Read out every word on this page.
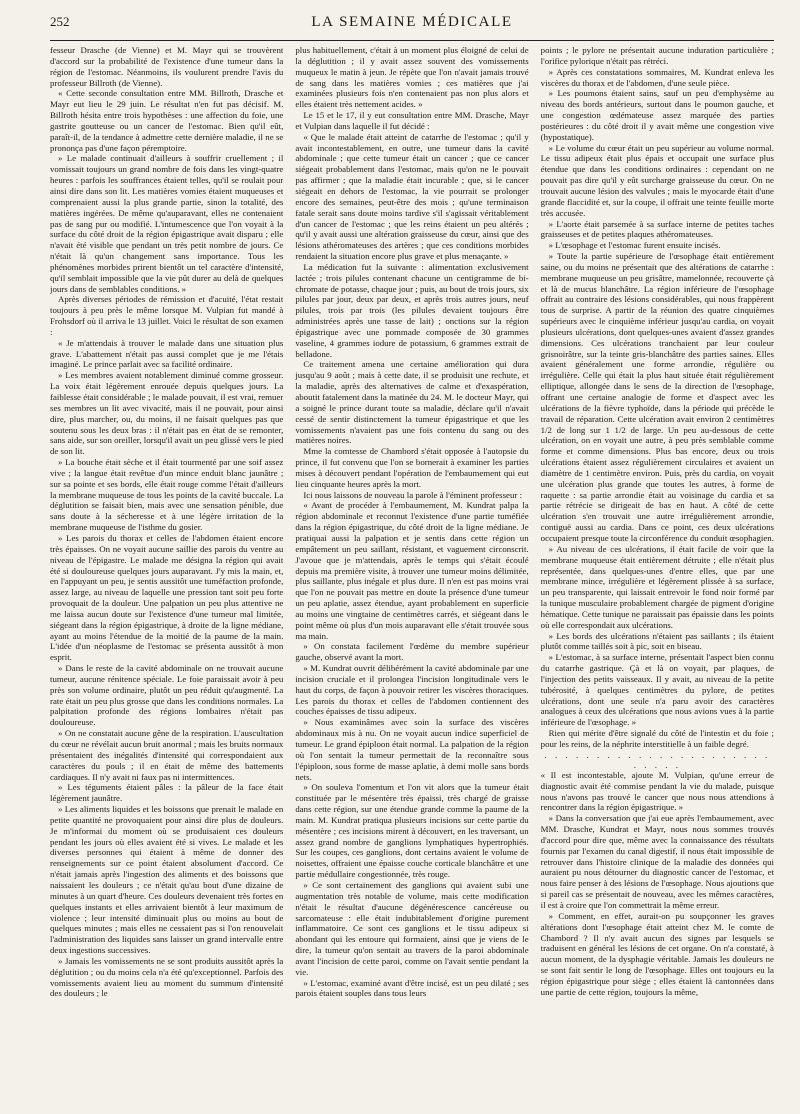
252	LA SEMAINE MÉDICALE

fesseur Drasche (de Vienne) et M. Mayr qui se trouvèrent d'accord sur la probabilité de l'existence d'une tumeur dans la région de l'estomac. Néanmoins, ils voulurent prendre l'avis du professeur Billroth (de Vienne).

« Cette seconde consultation entre MM. Billroth, Drasche et Mayr eut lieu le 29 juin. Le résultat n'en fut pas décisif. M. Billroth hésita entre trois hypothèses : une affection du foie, une gastrite goutteuse ou un cancer de l'estomac. Bien qu'il eût, paraît-il, de la tendance à admettre cette dernière maladie, il ne se prononça pas d'une façon péremptoire.

» Le malade continuait d'ailleurs à souffrir cruellement ; il vomissait toujours un grand nombre de fois dans les vingt-quatre heures : parfois les souffrances étaient telles, qu'il se roulait pour ainsi dire dans son lit. Les matières vomies étaient muqueuses et comprenaient aussi la plus grande partie, sinon la totalité, des matières ingérées. De même qu'auparavant, elles ne contenaient pas de sang pur ou modifié. L'intumescence que l'on voyait à la surface du côté droit de la région épigastrique avait disparu ; elle n'avait été visible que pendant un très petit nombre de jours. Ce n'était là qu'un changement sans importance. Tous les phénomènes morbides prirent bientôt un tel caractère d'intensité, qu'il semblait impossible que la vie pût durer au delà de quelques jours dans de semblables conditions. »

Après diverses périodes de rémission et d'acuité, l'état restait toujours à peu près le même lorsque M. Vulpian fut mandé à Frohsdorf où il arriva le 13 juillet. Voici le résultat de son examen :

« Je m'attendais à trouver le malade dans une situation plus grave. L'abattement n'était pas aussi complet que je me l'étais imaginé. Le prince parlait avec sa facilité ordinaire.

» Les membres avaient notablement diminué comme grosseur. La voix était légèrement enrouée depuis quelques jours. La faiblesse était considérable ; le malade pouvait, il est vrai, remuer ses membres un lit avec vivacité, mais il ne pouvait, pour ainsi dire, plus marcher, ou, du moins, il ne faisait quelques pas que soutenu sous les deux bras : il n'était pas en état de se remonter, sans aide, sur son oreiller, lorsqu'il avait un peu glissé vers le pied de son lit.

» La bouche était sèche et il était tourmenté par une soif assez vive ; la langue était revêtue d'un mince enduit blanc jaunâtre ; sur sa pointe et ses bords, elle était rouge comme l'était d'ailleurs la membrane muqueuse de tous les points de la cavité buccale. La déglutition se faisait bien, mais avec une sensation pénible, due sans doute à la sécheresse et à une légère irritation de la membrane muqueuse de l'isthme du gosier.

» Les parois du thorax et celles de l'abdomen étaient encore très épaisses. On ne voyait aucune saillie des parois du ventre au niveau de l'épigastre. Le malade me désigna la région qui avait été si douloureuse quelques jours auparavant. J'y mis la main, et, en l'appuyant un peu, je sentis aussitôt une tuméfaction profonde, assez large, au niveau de laquelle une pression tant soit peu forte provoquait de la douleur. Une palpation un peu plus attentive ne me laissa aucun doute sur l'existence d'une tumeur mal limitée, siégeant dans la région épigastrique, à droite de la ligne médiane, ayant au moins l'étendue de la moitié de la paume de la main. L'idée d'un néoplasme de l'estomac se présenta aussitôt à mon esprit.

» Dans le reste de la cavité abdominale on ne trouvait aucune tumeur, aucune rénitence spéciale. Le foie paraissait avoir à peu près son volume ordinaire, plutôt un peu réduit qu'augmenté. La rate était un peu plus grosse que dans les conditions normales. La palpitation profonde des régions lombaires n'était pas douloureuse.

» On ne constatait aucune gêne de la respiration. L'auscultation du cœur ne révélait aucun bruit anormal ; mais les bruits normaux présentaient des inégalités d'intensité qui correspondaient aux caractères du pouls ; il en était de même des battements cardiaques. Il n'y avait ni faux pas ni intermittences.

» Les téguments étaient pâles : la pâleur de la face était légèrement jaunâtre.

» Les aliments liquides et les boissons que prenait le malade en petite quantité ne provoquaient pour ainsi dire plus de douleurs. Je m'informai du moment où se produisaient ces douleurs pendant les jours où elles avaient été si vives. Le malade et les diverses personnes qui étaient à même de donner des renseignements sur ce point étaient absolument d'accord. Ce n'était jamais après l'ingestion des aliments et des boissons que naissaient les douleurs ; ce n'était qu'au bout d'une dizaine de minutes à un quart d'heure. Ces douleurs devenaient très fortes en quelques instants et elles arrivaient bientôt à leur maximum de violence ; leur intensité diminuait plus ou moins au bout de quelques minutes ; mais elles ne cessaient pas si l'on renouvelait l'administration des liquides sans laisser un grand intervalle entre deux ingestions successives.

» Jamais les vomissements ne se sont produits aussitôt après la déglutition ; ou du moins cela n'a été qu'exceptionnel. Parfois des vomissements avaient lieu au moment du summum d'intensité des douleurs ; le

plus habituellement, c'était à un moment plus éloigné de celui de la déglutition ; il y avait assez souvent des vomissements muqueux le matin à jeun. Je répète que l'on n'avait jamais trouvé de sang dans les matières vomies ; ces matières que j'ai examinées plusieurs fois n'en contenaient pas non plus alors et elles étaient très nettement acides. »

Le 15 et le 17, il y eut consultation entre MM. Drasche, Mayr et Vulpian dans laquelle il fut décidé :

« Que le malade était atteint de catarrhe de l'estomac ; qu'il y avait incontestablement, en outre, une tumeur dans la cavité abdominale ; que cette tumeur était un cancer ; que ce cancer siégeait probablement dans l'estomac, mais qu'on ne le pouvait pas affirmer ; que la maladie était incurable ; que, si le cancer siégeait en dehors de l'estomac, la vie pourrait se prolonger encore des semaines, peut-être des mois ; qu'une terminaison fatale serait sans doute moins tardive s'il s'agissait véritablement d'un cancer de l'estomac ; que les reins étaient un peu altérés ; qu'il y avait aussi une altération graisseuse du cœur, ainsi que des lésions athéromateuses des artères ; que ces conditions morbides rendaient la situation encore plus grave et plus menaçante. »

La médication fut la suivante : alimentation exclusivement lactée ; trois pilules contenant chacune un centigramme de bi-chromate de potasse, chaque jour ; puis, au bout de trois jours, six pilules par jour, deux par deux, et après trois autres jours, neuf pilules, trois par trois (les pilules devaient toujours être administrées après une tasse de lait) ; onctions sur la région épigastrique avec une pommade composée de 30 grammes vaseline, 4 grammes iodure de potassium, 6 grammes extrait de belladone.

Ce traitement amena une certaine amélioration qui dura jusqu'au 9 août ; mais à cette date, il se produisit une rechute, et la maladie, après des alternatives de calme et d'exaspération, aboutit fatalement dans la matinée du 24. M. le docteur Mayr, qui a soigné le prince durant toute sa maladie, déclare qu'il n'avait cessé de sentir distinctement la tumeur épigastrique et que les vomissements n'avaient pas une fois contenu du sang ou des matières noires.

Mme la comtesse de Chambord s'était opposée à l'autopsie du prince, il fut convenu que l'on se bornerait à examiner les parties mises à découvert pendant l'opération de l'embaumement qui eut lieu cinquante heures après la mort.

Ici nous laissons de nouveau la parole à l'éminent professeur :

« Avant de procéder à l'embaumement, M. Kundrat palpa la région abdominale et reconnut l'existence d'une partie tuméfiée dans la région épigastrique, du côté droit de la ligne médiane. Je pratiquai aussi la palpation et je sentis dans cette région un empâtement un peu saillant, résistant, et vaguement circonscrit. J'avoue que je m'attendais, après le temps qui s'était écoulé depuis ma première visite, à trouver une tumeur moins délimitée, plus saillante, plus inégale et plus dure. Il n'en est pas moins vrai que l'on ne pouvait pas mettre en doute la présence d'une tumeur un peu aplatie, assez étendue, ayant probablement en superficie au moins une vingtaine de centimètres carrés, et siégeant dans le point même où plus d'un mois auparavant elle s'était trouvée sous ma main.

» On constata facilement l'œdème du membre supérieur gauche, observé avant la mort.

» M. Kundrat ouvrit délibérément la cavité abdominale par une incision cruciale et il prolongea l'incision longitudinale vers le haut du corps, de façon à pouvoir retirer les viscères thoraciques. Les parois du thorax et celles de l'abdomen contiennent des couches épaisses de tissu adipeux.

» Nous examinâmes avec soin la surface des viscères abdominaux mis à nu. On ne voyait aucun indice superficiel de tumeur. Le grand épiploon était normal. La palpation de la région où l'on sentait la tumeur permettait de la reconnaître sous l'épiploon, sous forme de masse aplatie, à demi molle sans bords nets.

» On souleva l'omentum et l'on vit alors que la tumeur était constituée par le mésentère très épaissi, très chargé de graisse dans cette région, sur une étendue grande comme la paume de la main. M. Kundrat pratiqua plusieurs incisions sur cette partie du mésentère ; ces incisions mirent à découvert, en les traversant, un assez grand nombre de ganglions lymphatiques hypertrophiés. Sur les coupes, ces ganglions, dont certains avaient le volume de noisettes, offraient une épaisse couche corticale blanchâtre et une partie médullaire congestionnée, très rouge.

» Ce sont certainement des ganglions qui avaient subi une augmentation très notable de volume, mais cette modification n'était le résultat d'aucune dégénérescence cancéreuse ou sarcomateuse : elle était indubitablement d'origine purement inflammatoire. Ce sont ces ganglions et le tissu adipeux si abondant qui les entoure qui formaient, ainsi que je viens de le dire, la tumeur qu'on sentait au travers de la paroi abdominale avant l'incision de cette paroi, comme on l'avait sentie pendant la vie.

» L'estomac, examiné avant d'être incisé, est un peu dilaté ; ses parois étaient souples dans tous leurs

points ; le pylore ne présentait aucune induration particulière ; l'orifice pylorique n'était pas rétréci.

» Après ces constatations sommaires, M. Kundrat enleva les viscères du thorax et de l'abdomen, d'une seule pièce.

» Les poumons étaient sains, sauf un peu d'emphysème au niveau des bords antérieurs, surtout dans le poumon gauche, et une congestion œdémateuse assez marquée des parties postérieures : du côté droit il y avait même une congestion vive (hypostatique).

» Le volume du cœur était un peu supérieur au volume normal. Le tissu adipeux était plus épais et occupait une surface plus étendue que dans les conditions ordinaires : cependant on ne pouvait pas dire qu'il y eût surcharge graisseuse du cœur. On ne trouvait aucune lésion des valvules ; mais le myocarde était d'une grande flaccidité et, sur la coupe, il offrait une teinte feuille morte très accusée.

» L'aorte était parsemée à sa surface interne de petites taches graisseuses et de petites plaques athéromateuses.

» L'œsophage et l'estomac furent ensuite incisés.

» Toute la partie supérieure de l'œsophage était entièrement saine, ou du moins ne présentait que des altérations de catarrhe : membrane muqueuse un peu grisâtre, mamelonnée, recouverte çà et là de mucus blanchâtre. La région inférieure de l'œsophage offrait au contraire des lésions considérables, qui nous frappèrent tous de surprise. A partir de la réunion des quatre cinquièmes supérieurs avec le cinquième inférieur jusqu'au cardia, on voyait plusieurs ulcérations, dont quelques-unes avaient d'assez grandes dimensions. Ces ulcérations tranchaient par leur couleur grisnoirâtre, sur la teinte gris-blanchâtre des parties saines. Elles avaient généralement une forme arrondie, régulière ou irrégulière. Celle qui était la plus haut située était régulièrement elliptique, allongée dans le sens de la direction de l'œsophage, offrant une certaine analogie de forme et d'aspect avec les ulcérations de la fièvre typhoïde, dans la période qui précède le travail de réparation. Cette ulcération avait environ 2 centimètres 1/2 de long sur 1 1/2 de large. Un peu au-dessous de cette ulcération, on en voyait une autre, à peu près semblable comme forme et comme dimensions. Plus bas encore, deux ou trois ulcérations étaient assez régulièrement circulaires et avaient un diamètre de 1 centimètre environ. Puis, près du cardia, on voyait une ulcération plus grande que toutes les autres, à forme de raquette : sa partie arrondie était au voisinage du cardia et sa partie rétrécie se dirigeait de bas en haut. A côté de cette ulcération s'en trouvait une autre irrégulièrement arrondie, contiguë aussi au cardia. Dans ce point, ces deux ulcérations occupaient presque toute la circonférence du conduit œsophagien.

» Au niveau de ces ulcérations, il était facile de voir que la membrane muqueuse était entièrement détruite ; elle n'était plus représentée, dans quelques-unes d'entre elles, que par une membrane mince, irrégulière et légèrement plissée à sa surface, un peu transparente, qui laissait entrevoir le fond noir formé par la tunique musculaire probablement chargée de pigment d'origine hématique. Cette tunique ne paraissait pas épaissie dans les points où elle correspondait aux ulcérations.

» Les bords des ulcérations n'étaient pas saillants ; ils étaient plutôt comme taillés soit à pic, soit en biseau.

» L'estomac, à sa surface interne, présentait l'aspect bien connu du catarrhe gastrique. Çà et là on voyait, par plaques, de l'injection des petits vaisseaux. Il y avait, au niveau de la petite tubérosité, à quelques centimètres du pylore, de petites ulcérations, dont une seule n'a paru avoir des caractères analogues à ceux des ulcérations que nous avions vues à la partie inférieure de l'œsophage. »

Rien qui mérite d'être signalé du côté de l'intestin et du foie ; pour les reins, de la néphrite interstitielle à un faible degré.

. . . . . . . . . . . . . . . . . . . . . . . . . . .

« Il est incontestable, ajoute M. Vulpian, qu'une erreur de diagnostic avait été commise pendant la vie du malade, puisque nous n'avons pas trouvé le cancer que nous nous attendions à rencontrer dans la région épigastrique. »

» Dans la conversation que j'ai eue après l'embaumement, avec MM. Drasche, Kundrat et Mayr, nous nous sommes trouvés d'accord pour dire que, même avec la connaissance des résultats fournis par l'examen du canal digestif, il nous était impossible de retrouver dans l'histoire clinique de la maladie des données qui auraient pu nous détourner du diagnostic cancer de l'estomac, et nous faire penser à des lésions de l'œsophage. Nous ajoutions que si pareil cas se présentait de nouveau, avec les mêmes caractères, il est à croire que l'on commettrait la même erreur.

» Comment, en effet, aurait-on pu soupçonner les graves altérations dont l'œsophage était atteint chez M. le comte de Chambord ? Il n'y avait aucun des signes par lesquels se traduisent en général les lésions de cet organe. On n'a constaté, à aucun moment, de la dysphagie véritable. Jamais les douleurs ne se sont fait sentir le long de l'œsophage. Elles ont toujours eu la région épigastrique pour siège ; elles étaient là cantonnées dans une partie de cette région, toujours la même,
